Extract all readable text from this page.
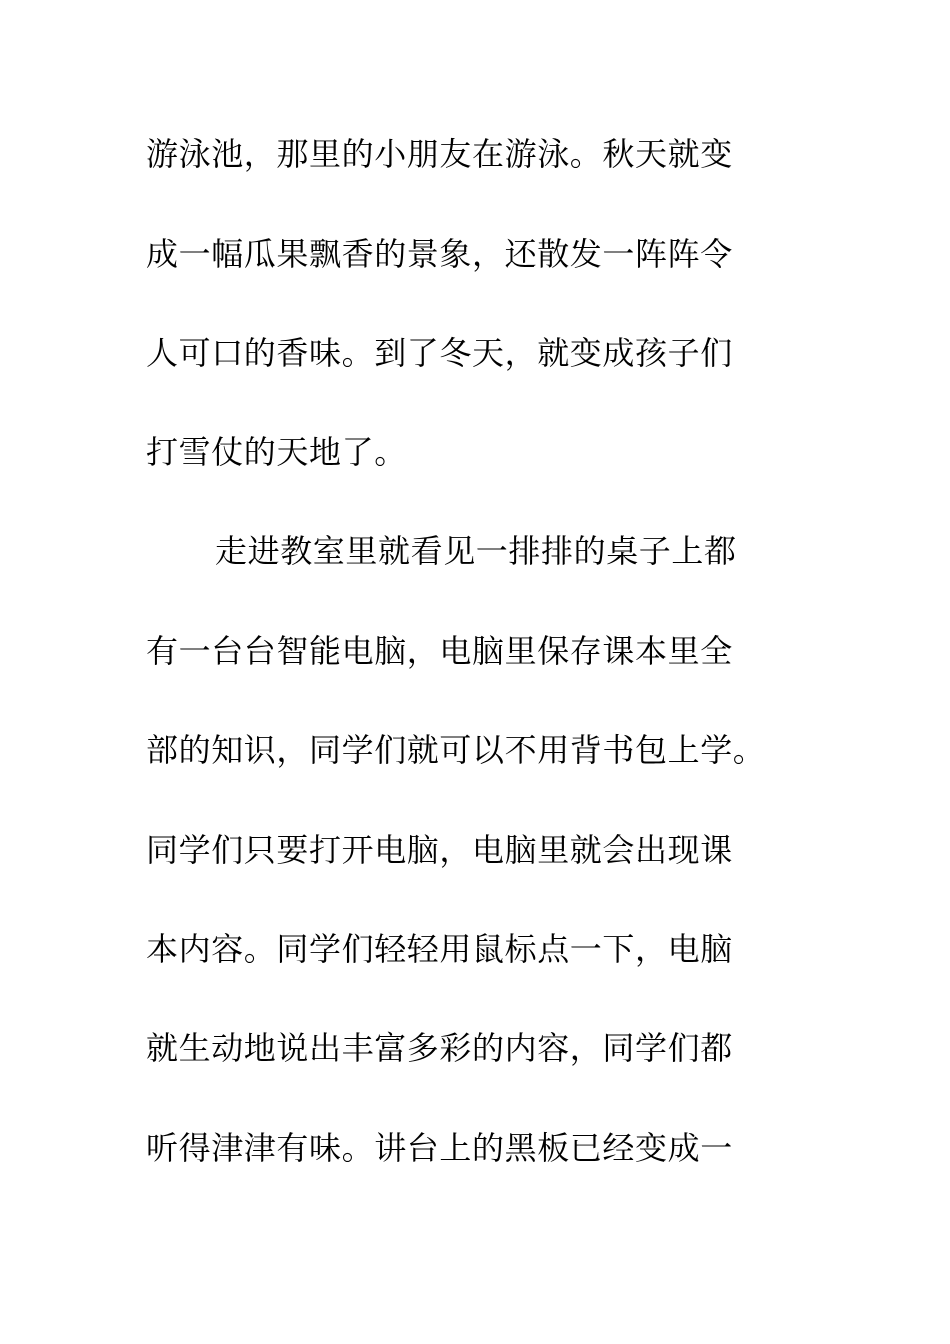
游泳池，那里的小朋友在游泳。秋天就变
成一幅瓜果飘香的景象，还散发一阵阵令
人可口的香味。到了冬天，就变成孩子们
打雪仗的天地了。
走进教室里就看见一排排的桌子上都
有一台台智能电脑，电脑里保存课本里全
部的知识，同学们就可以不用背书包上学。
同学们只要打开电脑，电脑里就会出现课
本内容。同学们轻轻用鼠标点一下，电脑
就生动地说出丰富多彩的内容，同学们都
听得津津有味。讲台上的黑板已经变成一
